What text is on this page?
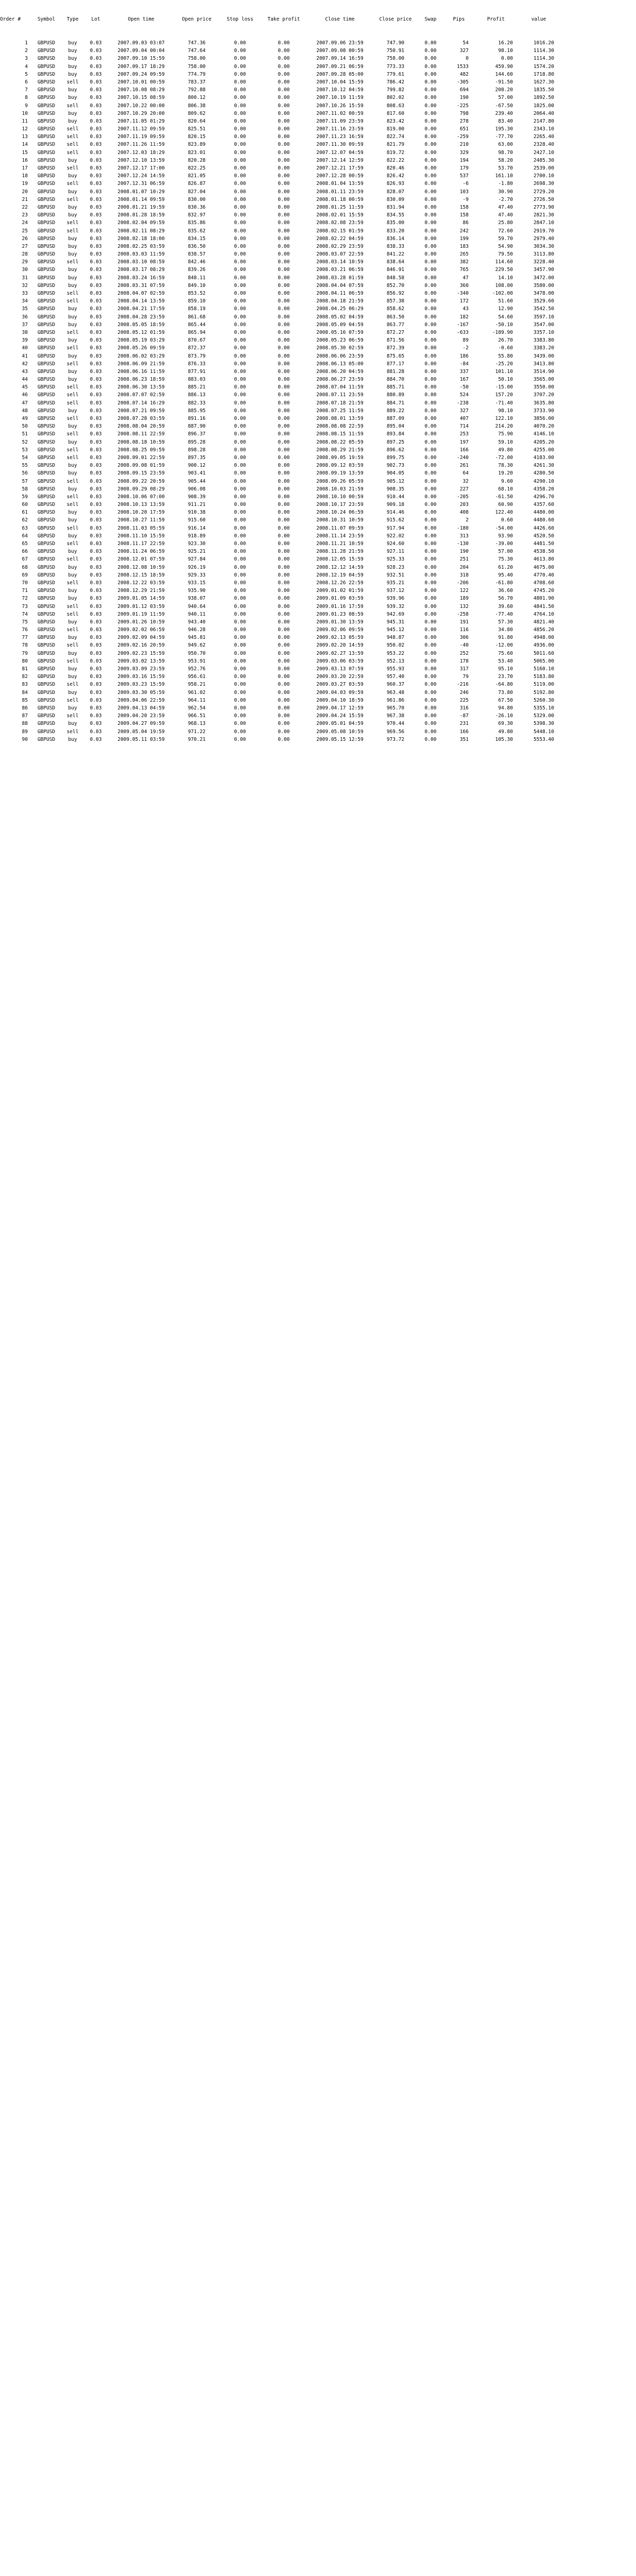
Order #	Symbol	Type	Lot	Open time	Open price	Stop loss	Take profit	Close time	Close price	Swap	Pips	Profit	value

1	GBPUSD	buy	0.03	2007.09.03 03:07	747.36	0.00	0.00	2007.09.06 23:59	747.90	0.00	54	16.20	1016.20
2	GBPUSD	buy	0.03	2007.09.04 00:04	747.64	0.00	0.00	2007.09.08 00:59	750.91	0.00	327	98.10	1114.30
3	GBPUSD	buy	0.03	2007.09.10 15:59	758.00	0.00	0.00	2007.09.14 16:59	758.00	0.00	0	0.00	1114.30
4	GBPUSD	buy	0.03	2007.09.17 18:29	758.00	0.00	0.00	2007.09.21 06:59	773.33	0.00	1533	459.90	1574.20
5	GBPUSD	buy	0.03	2007.09.24 09:59	774.79	0.00	0.00	2007.09.28 05:00	779.61	0.00	482	144.60	1718.80
6	GBPUSD	sell	0.03	2007.10.01 00:59	783.37	0.00	0.00	2007.10.04 15:59	786.42	0.00	-305	-91.50	1627.30
7	GBPUSD	buy	0.03	2007.10.08 08:29	792.88	0.00	0.00	2007.10.12 04:59	799.82	0.00	694	208.20	1835.50
8	GBPUSD	buy	0.03	2007.10.15 08:59	800.12	0.00	0.00	2007.10.19 11:59	802.02	0.00	190	57.00	1892.50
9	GBPUSD	sell	0.03	2007.10.22 00:00	806.38	0.00	0.00	2007.10.26 15:59	808.63	0.00	-225	-67.50	1825.00
10	GBPUSD	buy	0.03	2007.10.29 20:00	809.62	0.00	0.00	2007.11.02 00:59	817.60	0.00	798	239.40	2064.40
11	GBPUSD	buy	0.03	2007.11.05 01:29	820.64	0.00	0.00	2007.11.09 23:59	823.42	0.00	278	83.40	2147.80
12	GBPUSD	sell	0.03	2007.11.12 09:59	825.51	0.00	0.00	2007.11.16 23:59	819.00	0.00	651	195.30	2343.10
13	GBPUSD	sell	0.03	2007.11.19 09:59	820.15	0.00	0.00	2007.11.23 16:59	822.74	0.00	-259	-77.70	2265.40
14	GBPUSD	sell	0.03	2007.11.26 11:59	823.89	0.00	0.00	2007.11.30 09:59	821.79	0.00	210	63.00	2328.40
15	GBPUSD	sell	0.03	2007.12.03 18:29	823.01	0.00	0.00	2007.12.07 04:59	819.72	0.00	329	98.70	2427.10
16	GBPUSD	buy	0.03	2007.12.10 13:59	820.28	0.00	0.00	2007.12.14 12:59	822.22	0.00	194	58.20	2485.30
17	GBPUSD	sell	0.03	2007.12.17 17:00	822.25	0.00	0.00	2007.12.21 17:59	820.46	0.00	179	53.70	2539.00
18	GBPUSD	buy	0.03	2007.12.24 14:59	821.05	0.00	0.00	2007.12.28 00:59	826.42	0.00	537	161.10	2700.10
19	GBPUSD	sell	0.03	2007.12.31 06:59	826.87	0.00	0.00	2008.01.04 13:59	826.93	0.00	-6	-1.80	2698.30
20	GBPUSD	buy	0.03	2008.01.07 10:29	827.04	0.00	0.00	2008.01.11 23:59	828.07	0.00	103	30.90	2729.20
21	GBPUSD	sell	0.03	2008.01.14 09:59	830.00	0.00	0.00	2008.01.18 00:59	830.09	0.00	-9	-2.70	2726.50
22	GBPUSD	buy	0.03	2008.01.21 19:59	830.36	0.00	0.00	2008.01.25 11:59	831.94	0.00	158	47.40	2773.90
23	GBPUSD	buy	0.03	2008.01.28 18:59	832.97	0.00	0.00	2008.02.01 15:59	834.55	0.00	158	47.40	2821.30
24	GBPUSD	sell	0.03	2008.02.04 09:59	835.86	0.00	0.00	2008.02.08 23:59	835.00	0.00	86	25.80	2847.10
25	GBPUSD	sell	0.03	2008.02.11 08:29	835.62	0.00	0.00	2008.02.15 01:59	833.20	0.00	242	72.60	2919.70
26	GBPUSD	buy	0.03	2008.02.18 18:00	834.15	0.00	0.00	2008.02.22 04:59	836.14	0.00	199	59.70	2979.40
27	GBPUSD	buy	0.03	2008.02.25 03:59	836.50	0.00	0.00	2008.02.29 23:59	838.33	0.00	183	54.90	3034.30
28	GBPUSD	buy	0.03	2008.03.03 11:59	838.57	0.00	0.00	2008.03.07 22:59	841.22	0.00	265	79.50	3113.80
29	GBPUSD	sell	0.03	2008.03.10 08:59	842.46	0.00	0.00	2008.03.14 10:59	838.64	0.00	382	114.60	3228.40
30	GBPUSD	buy	0.03	2008.03.17 08:29	839.26	0.00	0.00	2008.03.21 06:59	846.91	0.00	765	229.50	3457.90
31	GBPUSD	buy	0.03	2008.03.24 16:59	848.11	0.00	0.00	2008.03.28 01:59	848.58	0.00	47	14.10	3472.00
32	GBPUSD	buy	0.03	2008.03.31 07:59	849.10	0.00	0.00	2008.04.04 07:59	852.70	0.00	360	108.00	3580.00
33	GBPUSD	sell	0.03	2008.04.07 02:59	853.52	0.00	0.00	2008.04.11 06:59	856.92	0.00	-340	-102.00	3478.00
34	GBPUSD	sell	0.03	2008.04.14 13:59	859.10	0.00	0.00	2008.04.18 21:59	857.38	0.00	172	51.60	3529.60
35	GBPUSD	buy	0.03	2008.04.21 17:59	858.19	0.00	0.00	2008.04.25 06:29	858.62	0.00	43	12.90	3542.50
36	GBPUSD	buy	0.03	2008.04.28 23:59	861.68	0.00	0.00	2008.05.02 04:59	863.50	0.00	182	54.60	3597.10
37	GBPUSD	buy	0.03	2008.05.05 18:59	865.44	0.00	0.00	2008.05.09 04:59	863.77	0.00	-167	-50.10	3547.00
38	GBPUSD	sell	0.03	2008.05.12 01:59	865.94	0.00	0.00	2008.05.16 07:59	872.27	0.00	-633	-189.90	3357.10
39	GBPUSD	buy	0.03	2008.05.19 03:29	870.67	0.00	0.00	2008.05.23 06:59	871.56	0.00	89	26.70	3383.80
40	GBPUSD	sell	0.03	2008.05.26 09:59	872.37	0.00	0.00	2008.05.30 02:59	872.39	0.00	-2	-0.60	3383.20
41	GBPUSD	buy	0.03	2008.06.02 03:29	873.79	0.00	0.00	2008.06.06 23:59	875.65	0.00	186	55.80	3439.00
42	GBPUSD	sell	0.03	2008.06.09 21:59	876.33	0.00	0.00	2008.06.13 05:00	877.17	0.00	-84	-25.20	3413.80
43	GBPUSD	buy	0.03	2008.06.16 11:59	877.91	0.00	0.00	2008.06.20 04:59	881.28	0.00	337	101.10	3514.90
44	GBPUSD	buy	0.03	2008.06.23 18:59	883.03	0.00	0.00	2008.06.27 23:59	884.70	0.00	167	50.10	3565.00
45	GBPUSD	sell	0.03	2008.06.30 13:59	885.21	0.00	0.00	2008.07.04 11:59	885.71	0.00	-50	-15.00	3550.00
46	GBPUSD	sell	0.03	2008.07.07 02:59	886.13	0.00	0.00	2008.07.11 23:59	880.89	0.00	524	157.20	3707.20
47	GBPUSD	sell	0.03	2008.07.14 16:29	882.33	0.00	0.00	2008.07.18 21:59	884.71	0.00	-238	-71.40	3635.80
48	GBPUSD	buy	0.03	2008.07.21 09:59	885.95	0.00	0.00	2008.07.25 11:59	889.22	0.00	327	98.10	3733.90
49	GBPUSD	sell	0.03	2008.07.28 03:59	891.16	0.00	0.00	2008.08.01 13:59	887.09	0.00	407	122.10	3856.00
50	GBPUSD	buy	0.03	2008.08.04 20:59	887.90	0.00	0.00	2008.08.08 22:59	895.04	0.00	714	214.20	4070.20
51	GBPUSD	sell	0.03	2008.08.11 22:59	896.37	0.00	0.00	2008.08.15 11:59	893.84	0.00	253	75.90	4146.10
52	GBPUSD	buy	0.03	2008.08.18 10:59	895.28	0.00	0.00	2008.08.22 05:59	897.25	0.00	197	59.10	4205.20
53	GBPUSD	sell	0.03	2008.08.25 09:59	898.28	0.00	0.00	2008.08.29 21:59	896.62	0.00	166	49.80	4255.00
54	GBPUSD	sell	0.03	2008.09.01 22:59	897.35	0.00	0.00	2008.09.05 19:59	899.75	0.00	-240	-72.00	4183.00
55	GBPUSD	buy	0.03	2008.09.08 01:59	900.12	0.00	0.00	2008.09.12 03:59	902.73	0.00	261	78.30	4261.30
56	GBPUSD	buy	0.03	2008.09.15 23:59	903.41	0.00	0.00	2008.09.19 13:59	904.05	0.00	64	19.20	4280.50
57	GBPUSD	sell	0.03	2008.09.22 20:59	905.44	0.00	0.00	2008.09.26 05:59	905.12	0.00	32	9.60	4290.10
58	GBPUSD	buy	0.03	2008.09.29 08:29	906.08	0.00	0.00	2008.10.03 21:59	908.35	0.00	227	68.10	4358.20
59	GBPUSD	sell	0.03	2008.10.06 07:00	908.39	0.00	0.00	2008.10.10 00:59	910.44	0.00	-205	-61.50	4296.70
60	GBPUSD	sell	0.03	2008.10.13 13:59	911.21	0.00	0.00	2008.10.17 23:59	909.18	0.00	203	60.90	4357.60
61	GBPUSD	buy	0.03	2008.10.20 17:59	910.38	0.00	0.00	2008.10.24 06:59	914.46	0.00	408	122.40	4480.00
62	GBPUSD	buy	0.03	2008.10.27 11:59	915.60	0.00	0.00	2008.10.31 10:59	915.62	0.00	2	0.60	4480.60
63	GBPUSD	sell	0.03	2008.11.03 05:59	916.14	0.00	0.00	2008.11.07 09:59	917.94	0.00	-180	-54.00	4426.60
64	GBPUSD	buy	0.03	2008.11.10 15:59	918.89	0.00	0.00	2008.11.14 23:59	922.02	0.00	313	93.90	4520.50
65	GBPUSD	sell	0.03	2008.11.17 22:59	923.30	0.00	0.00	2008.11.21 10:59	924.60	0.00	-130	-39.00	4481.50
66	GBPUSD	buy	0.03	2008.11.24 06:59	925.21	0.00	0.00	2008.11.28 21:59	927.11	0.00	190	57.00	4538.50
67	GBPUSD	sell	0.03	2008.12.01 07:59	927.84	0.00	0.00	2008.12.05 15:59	925.33	0.00	251	75.30	4613.80
68	GBPUSD	buy	0.03	2008.12.08 10:59	926.19	0.00	0.00	2008.12.12 14:59	928.23	0.00	204	61.20	4675.00
69	GBPUSD	buy	0.03	2008.12.15 18:59	929.33	0.00	0.00	2008.12.19 04:59	932.51	0.00	318	95.40	4770.40
70	GBPUSD	sell	0.03	2008.12.22 03:59	933.15	0.00	0.00	2008.12.26 22:59	935.21	0.00	-206	-61.80	4708.60
71	GBPUSD	buy	0.03	2008.12.29 21:59	935.90	0.00	0.00	2009.01.02 01:59	937.12	0.00	122	36.60	4745.20
72	GBPUSD	buy	0.03	2009.01.05 14:59	938.07	0.00	0.00	2009.01.09 03:59	939.96	0.00	189	56.70	4801.90
73	GBPUSD	sell	0.03	2009.01.12 03:59	940.64	0.00	0.00	2009.01.16 17:59	939.32	0.00	132	39.60	4841.50
74	GBPUSD	sell	0.03	2009.01.19 11:59	940.11	0.00	0.00	2009.01.23 08:59	942.69	0.00	-258	-77.40	4764.10
75	GBPUSD	buy	0.03	2009.01.26 10:59	943.40	0.00	0.00	2009.01.30 13:59	945.31	0.00	191	57.30	4821.40
76	GBPUSD	sell	0.03	2009.02.02 06:59	946.28	0.00	0.00	2009.02.06 09:59	945.12	0.00	116	34.80	4856.20
77	GBPUSD	buy	0.03	2009.02.09 04:59	945.81	0.00	0.00	2009.02.13 05:59	948.87	0.00	306	91.80	4948.00
78	GBPUSD	sell	0.03	2009.02.16 20:59	949.62	0.00	0.00	2009.02.20 14:59	950.02	0.00	-40	-12.00	4936.00
79	GBPUSD	buy	0.03	2009.02.23 15:59	950.70	0.00	0.00	2009.02.27 13:59	953.22	0.00	252	75.60	5011.60
80	GBPUSD	sell	0.03	2009.03.02 13:59	953.91	0.00	0.00	2009.03.06 03:59	952.13	0.00	178	53.40	5065.00
81	GBPUSD	buy	0.03	2009.03.09 23:59	952.76	0.00	0.00	2009.03.13 07:59	955.93	0.00	317	95.10	5160.10
82	GBPUSD	buy	0.03	2009.03.16 15:59	956.61	0.00	0.00	2009.03.20 22:59	957.40	0.00	79	23.70	5183.80
83	GBPUSD	sell	0.03	2009.03.23 15:59	958.21	0.00	0.00	2009.03.27 03:59	960.37	0.00	-216	-64.80	5119.00
84	GBPUSD	buy	0.03	2009.03.30 05:59	961.02	0.00	0.00	2009.04.03 09:59	963.48	0.00	246	73.80	5192.80
85	GBPUSD	sell	0.03	2009.04.06 22:59	964.11	0.00	0.00	2009.04.10 18:59	961.86	0.00	225	67.50	5260.30
86	GBPUSD	buy	0.03	2009.04.13 04:59	962.54	0.00	0.00	2009.04.17 12:59	965.70	0.00	316	94.80	5355.10
87	GBPUSD	sell	0.03	2009.04.20 23:59	966.51	0.00	0.00	2009.04.24 15:59	967.38	0.00	-87	-26.10	5329.00
88	GBPUSD	buy	0.03	2009.04.27 09:59	968.13	0.00	0.00	2009.05.01 04:59	970.44	0.00	231	69.30	5398.30
89	GBPUSD	sell	0.03	2009.05.04 19:59	971.22	0.00	0.00	2009.05.08 10:59	969.56	0.00	166	49.80	5448.10
90	GBPUSD	buy	0.03	2009.05.11 03:59	970.21	0.00	0.00	2009.05.15 12:59	973.72	0.00	351	105.30	5553.40
